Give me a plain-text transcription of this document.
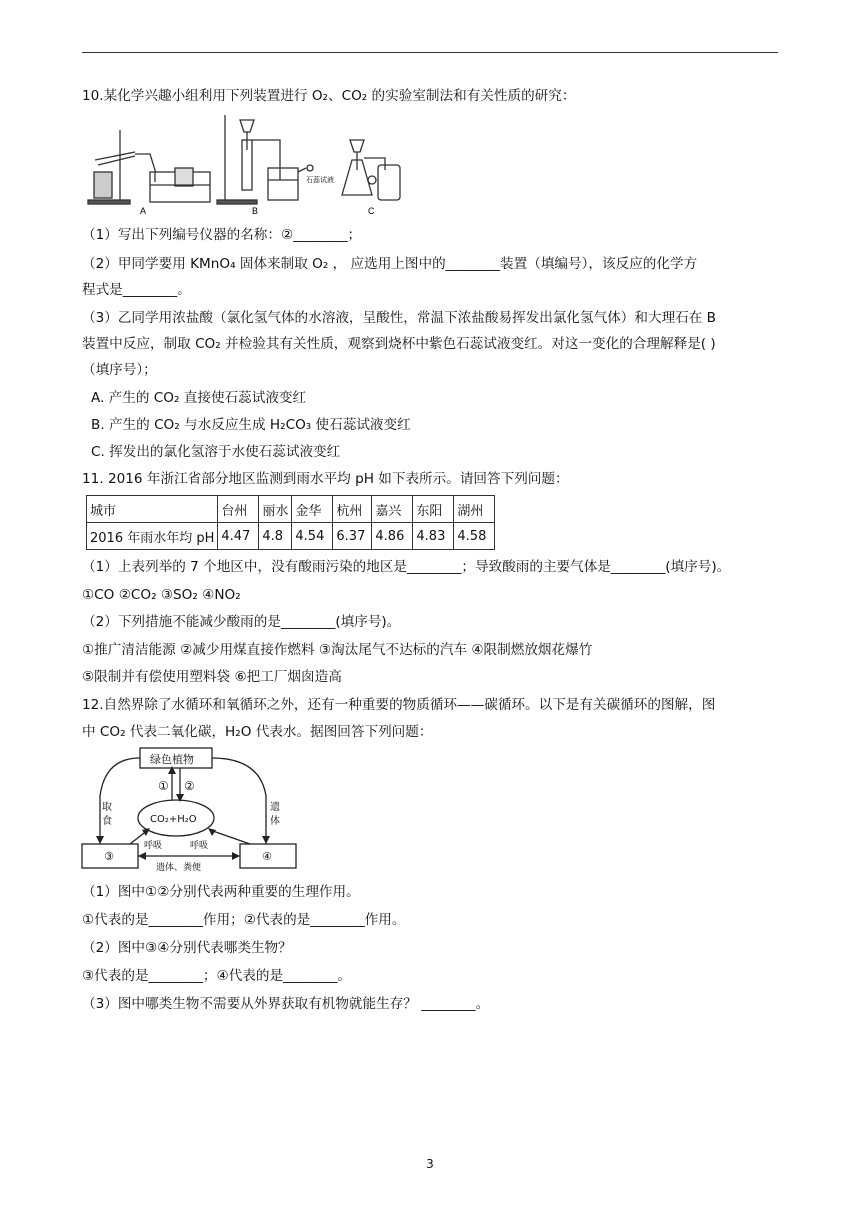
10.某化学兴趣小组利用下列装置进行 O₂、CO₂ 的实验室制法和有关性质的研究：
A	B	C
石蕊试液
（1）写出下列编号仪器的名称：②________；
（2）甲同学要用 KMnO₄ 固体来制取 O₂ ， 应选用上图中的________装置（填编号），该反应的化学方
程式是________。
（3）乙同学用浓盐酸（氯化氢气体的水溶液，呈酸性，常温下浓盐酸易挥发出氯化氢气体）和大理石在 B
装置中反应，制取 CO₂ 并检验其有关性质，观察到烧杯中紫色石蕊试液变红。对这一变化的合理解释是( )
（填序号）；
A. 产生的 CO₂ 直接使石蕊试液变红
B. 产生的 CO₂ 与水反应生成 H₂CO₃ 使石蕊试液变红
C. 挥发出的氯化氢溶于水使石蕊试液变红
11. 2016 年浙江省部分地区监测到雨水平均 pH 如下表所示。请回答下列问题：
城市	台州	丽水	金华	杭州	嘉兴	东阳	湖州
2016 年雨水年均 pH	4.47	4.8	4.54	6.37	4.86	4.83	4.58
（1）上表列举的 7 个地区中，没有酸雨污染的地区是________；导致酸雨的主要气体是________(填序号)。
①CO ②CO₂ ③SO₂ ④NO₂
（2）下列措施不能减少酸雨的是________(填序号)。
①推广清洁能源 ②减少用煤直接作燃料 ③淘汰尾气不达标的汽车 ④限制燃放烟花爆竹
⑤限制并有偿使用塑料袋 ⑥把工厂烟囱造高
12.自然界除了水循环和氧循环之外，还有一种重要的物质循环——碳循环。以下是有关碳循环的图解，图
中 CO₂ 代表二氧化碳，H₂O 代表水。据图回答下列问题：
绿色植物
① ②
③	④
CO₂+H₂O
取
食
遗
体
呼吸	呼吸
遗体、粪便
（1）图中①②分别代表两种重要的生理作用。
①代表的是________作用；②代表的是________作用。
（2）图中③④分别代表哪类生物？
③代表的是________；④代表的是________。
（3）图中哪类生物不需要从外界获取有机物就能生存？ ________。
3
